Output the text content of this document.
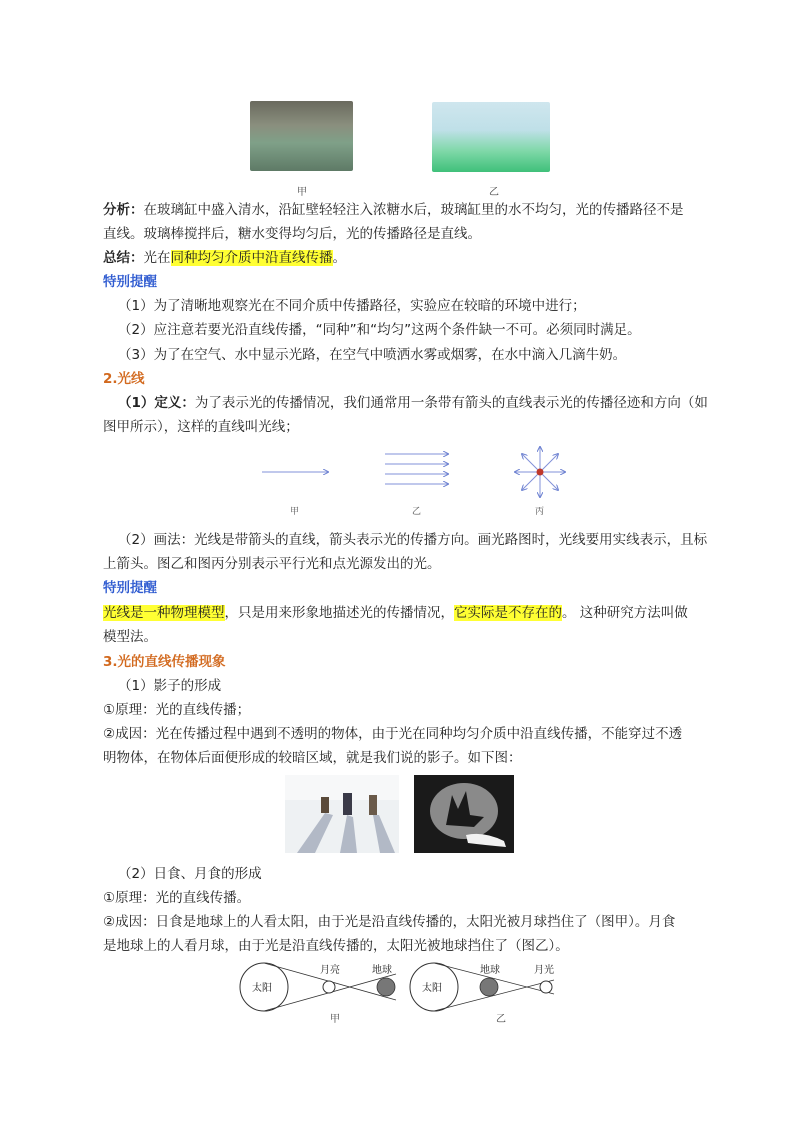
甲	乙
分析：在玻璃缸中盛入清水，沿缸壁轻轻注入浓糖水后，玻璃缸里的水不均匀，光的传播路径不是
直线。玻璃棒搅拌后，糖水变得均匀后，光的传播路径是直线。
总结：光在同种均匀介质中沿直线传播。
特别提醒
（1）为了清晰地观察光在不同介质中传播路径，实验应在较暗的环境中进行；
（2）应注意若要光沿直线传播，“同种”和“均匀”这两个条件缺一不可。必须同时满足。
（3）为了在空气、水中显示光路，在空气中喷洒水雾或烟雾，在水中滴入几滴牛奶。
2.光线
（1）定义：为了表示光的传播情况，我们通常用一条带有箭头的直线表示光的传播径迹和方向（如
图甲所示），这样的直线叫光线；
甲	乙	丙
（2）画法：光线是带箭头的直线，箭头表示光的传播方向。画光路图时，光线要用实线表示，且标
上箭头。图乙和图丙分别表示平行光和点光源发出的光。
特别提醒
光线是一种物理模型，只是用来形象地描述光的传播情况，它实际是不存在的。 这种研究方法叫做
模型法。
3.光的直线传播现象
（1）影子的形成
①原理：光的直线传播；
②成因：光在传播过程中遇到不透明的物体，由于光在同种均匀介质中沿直线传播，不能穿过不透
明物体，在物体后面便形成的较暗区域，就是我们说的影子。如下图：
（2）日食、月食的形成
①原理：光的直线传播。
②成因：日食是地球上的人看太阳，由于光是沿直线传播的，太阳光被月球挡住了（图甲）。月食
是地球上的人看月球，由于光是沿直线传播的，太阳光被地球挡住了（图乙）。
太阳
月亮	地球
甲
太阳
地球	月光
乙
